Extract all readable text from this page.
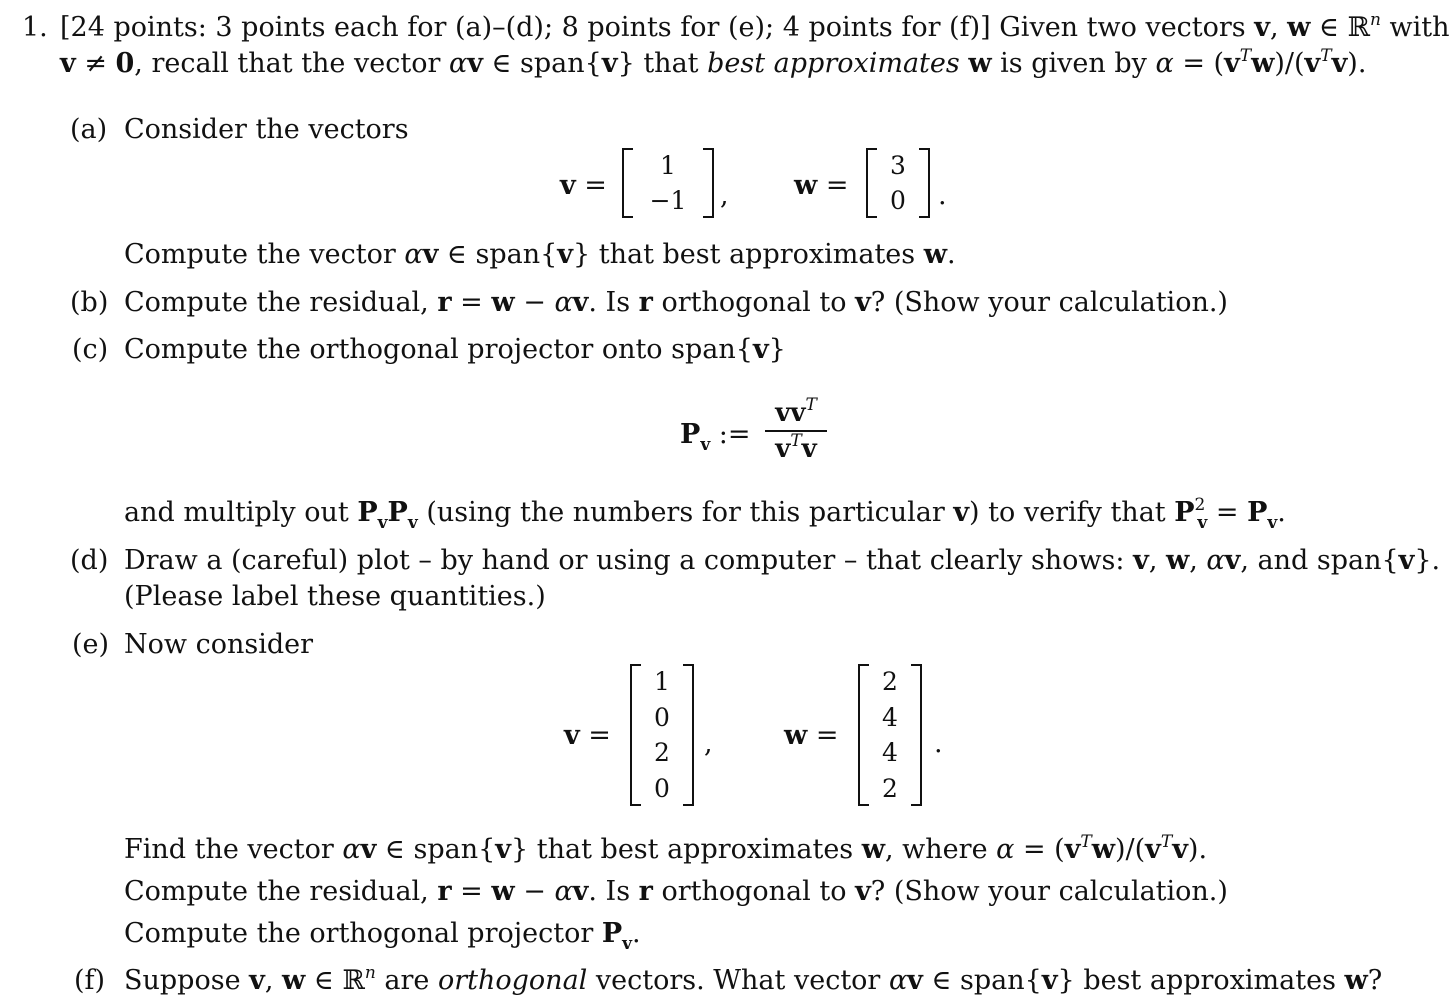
1. [24 points: 3 points each for (a)–(d); 8 points for (e); 4 points for (f)] Given two vectors v, w ∈ ℝ$^n$ with
v ≠ 0, recall that the vector αv ∈ span{v} that best approximates w is given by $\alpha = (v^Tw)/(v^Tv)$.
(a) Consider the vectors
v =
1
−1 , w =
3
0 .
Compute the vector αv ∈ span{v} that best approximates w.
(b) Compute the residual, r = w − αv. Is r orthogonal to v? (Show your calculation.)
(c) Compute the orthogonal projector onto span{v}
$P_v$ :=
$vv^T$
$v^Tv$
and multiply out $P_vP_v$ (using the numbers for this particular v) to verify that $P^2_v = P_v$.
(d) Draw a (careful) plot – by hand or using a computer – that clearly shows: v, w, αv, and span{v}.
(Please label these quantities.)
(e) Now consider
v =
1
0
2
0
,	w =
2
4
4
2
.
Find the vector αv ∈ span{v} that best approximates w, where $\alpha = (v^Tw)/(v^Tv)$.
Compute the residual, r = w − αv. Is r orthogonal to v? (Show your calculation.)
Compute the orthogonal projector $P_v$.
(f) Suppose v, w ∈ ℝ$^n$ are orthogonal vectors. What vector αv ∈ span{v} best approximates w?
